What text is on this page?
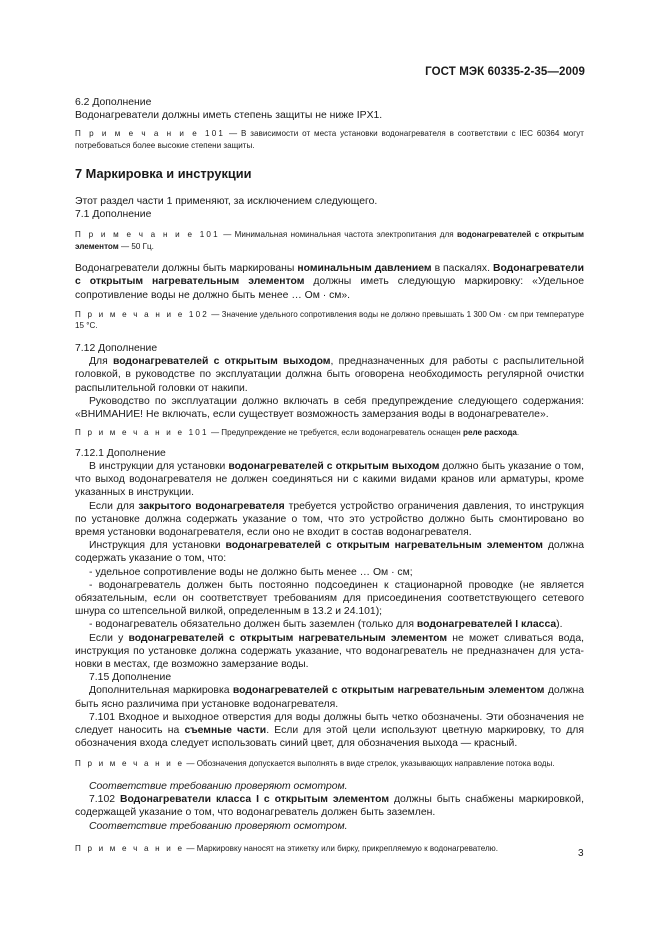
ГОСТ МЭК 60335-2-35—2009

6.2 Дополнение

Водонагреватели должны иметь степень защиты не ниже IPX1.

П р и м е ч а н и е 101 — В зависимости от места установки водонагревателя в соответствии с IEC 60364 могут потребоваться более высокие степени защиты.

7 Маркировка и инструкции

Этот раздел части 1 применяют, за исключением следующего.

7.1 Дополнение

П р и м е ч а н и е 101 — Минимальная номинальная частота электропитания для водонагревателей с открытым элементом — 50 Гц.

Водонагреватели должны быть маркированы номинальным давлением в паскалях. Водонагреватели с открытым нагревательным элементом должны иметь следующую маркировку: «Удельное сопротивление воды не должно быть менее … Ом · см».

П р и м е ч а н и е 102 — Значение удельного сопротивления воды не должно превышать 1 300 Ом · см при температуре 15 °С.

7.12 Дополнение

Для водонагревателей с открытым выходом, предназначенных для работы с распылительной головкой, в руководстве по эксплуатации должна быть оговорена необходимость регулярной очистки распылительной головки от накипи.

Руководство по эксплуатации должно включать в себя предупреждение следующего содержания: «ВНИМАНИЕ! Не включать, если существует возможность замерзания воды в водонагревателе».

П р и м е ч а н и е 101 — Предупреждение не требуется, если водонагреватель оснащен реле расхода.

7.12.1 Дополнение

В инструкции для установки водонагревателей с открытым выходом должно быть указание о том, что выход водонагревателя не должен соединяться ни с какими видами кранов или арматуры, кроме указанных в инструкции.

Если для закрытого водонагревателя требуется устройство ограничения давления, то инструкция по установке должна содержать указание о том, что это устройство должно быть смонтировано во время установки водонагревателя, если оно не входит в состав водонагревателя.

Инструкция для установки водонагревателей с открытым нагревательным элементом должна содержать указание о том, что:

- удельное сопротивление воды не должно быть менее … Ом · см;

- водонагреватель должен быть постоянно подсоединен к стационарной проводке (не является обязательным, если он соответствует требованиям для присоединения соответствующего сетевого шнура со штепсельной вилкой, определенным в 13.2 и 24.101);

- водонагреватель обязательно должен быть заземлен (только для водонагревателей I класса).

Если у водонагревателей с открытым нагревательным элементом не может сливаться вода, инструкция по установке должна содержать указание, что водонагреватель не предназначен для установки в местах, где возможно замерзание воды.

7.15 Дополнение

Дополнительная маркировка водонагревателей с открытым нагревательным элементом должна быть ясно различима при установке водонагревателя.

7.101 Входное и выходное отверстия для воды должны быть четко обозначены. Эти обозначения не следует наносить на съемные части. Если для этой цели используют цветную маркировку, то для обозначения входа следует использовать синий цвет, для обозначения выхода — красный.

П р и м е ч а н и е — Обозначения допускается выполнять в виде стрелок, указывающих направление потока воды.

Соответствие требованию проверяют осмотром.

7.102 Водонагреватели класса I с открытым элементом должны быть снабжены маркировкой, содержащей указание о том, что водонагреватель должен быть заземлен.

Соответствие требованию проверяют осмотром.

П р и м е ч а н и е — Маркировку наносят на этикетку или бирку, прикрепляемую к водонагревателю.	3
